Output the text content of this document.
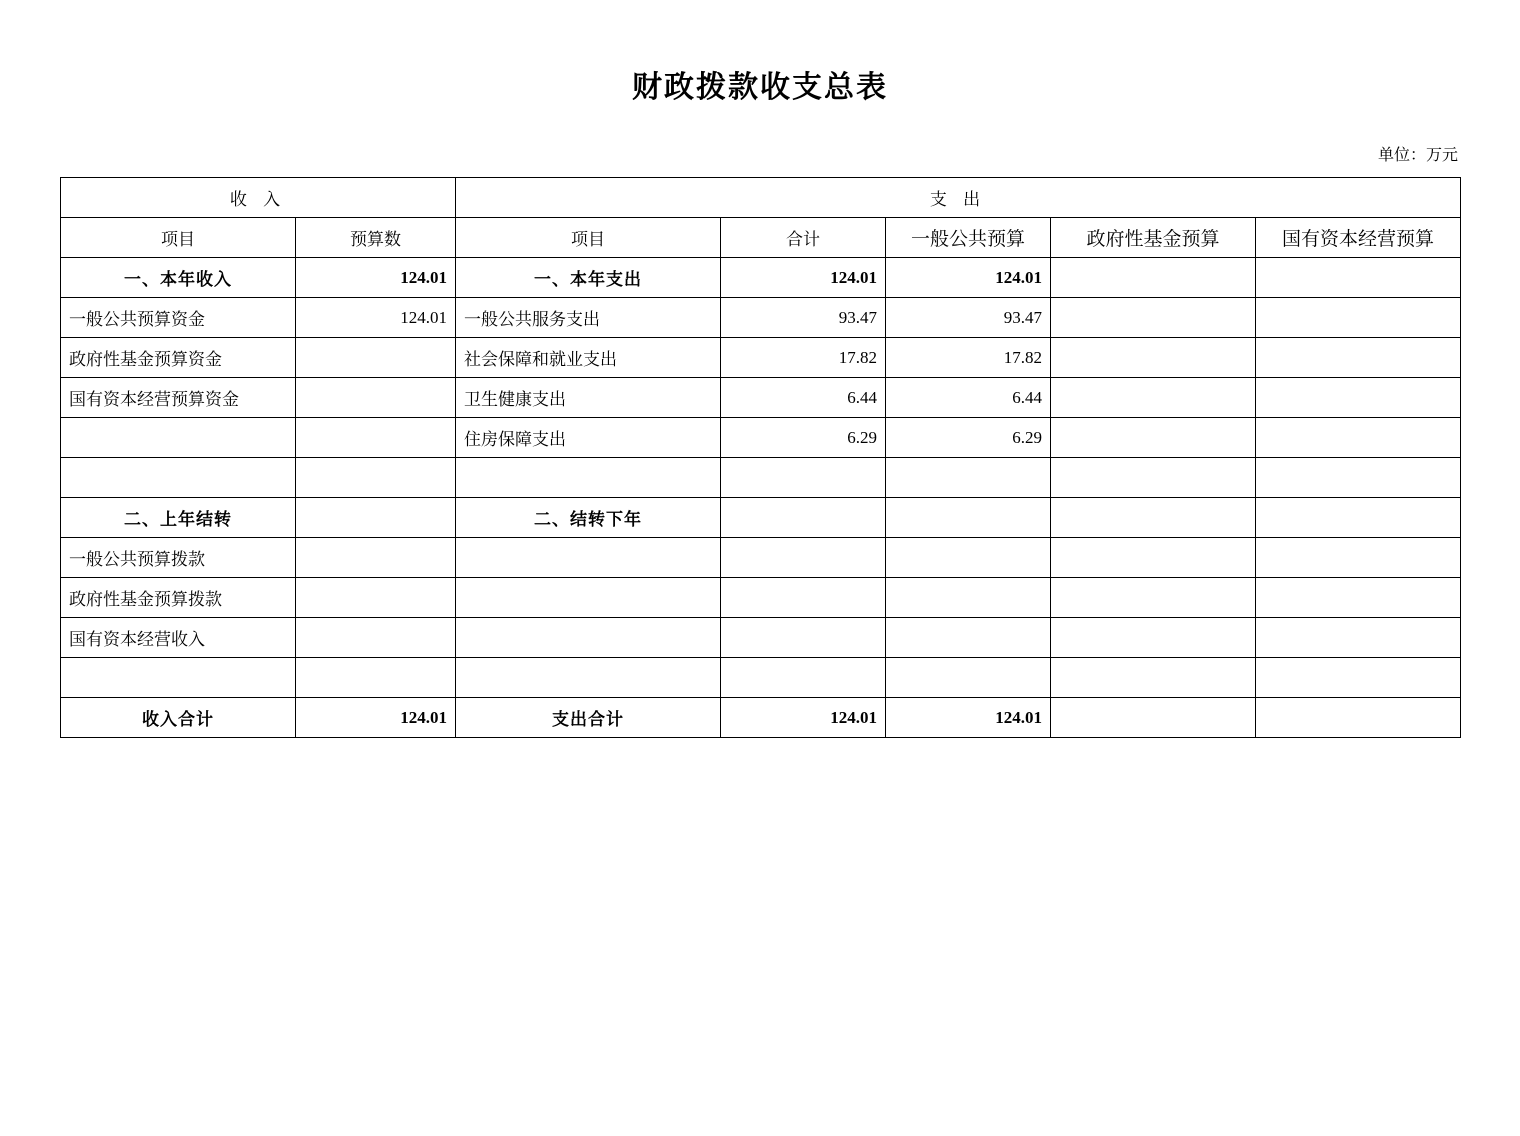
财政拨款收支总表
单位：万元
收 入		支 出				
项目	预算数	项目	合计	一般公共预算	政府性基金预算	国有资本经营预算
一、本年收入	124.01	一、本年支出	124.01	124.01		
一般公共预算资金	124.01	一般公共服务支出	93.47	93.47		
政府性基金预算资金		社会保障和就业支出	17.82	17.82		
国有资本经营预算资金		卫生健康支出	6.44	6.44		
		住房保障支出	6.29	6.29		

二、上年结转		二、结转下年				
一般公共预算拨款						
政府性基金预算拨款						
国有资本经营收入						

收入合计	124.01	支出合计	124.01	124.01		
